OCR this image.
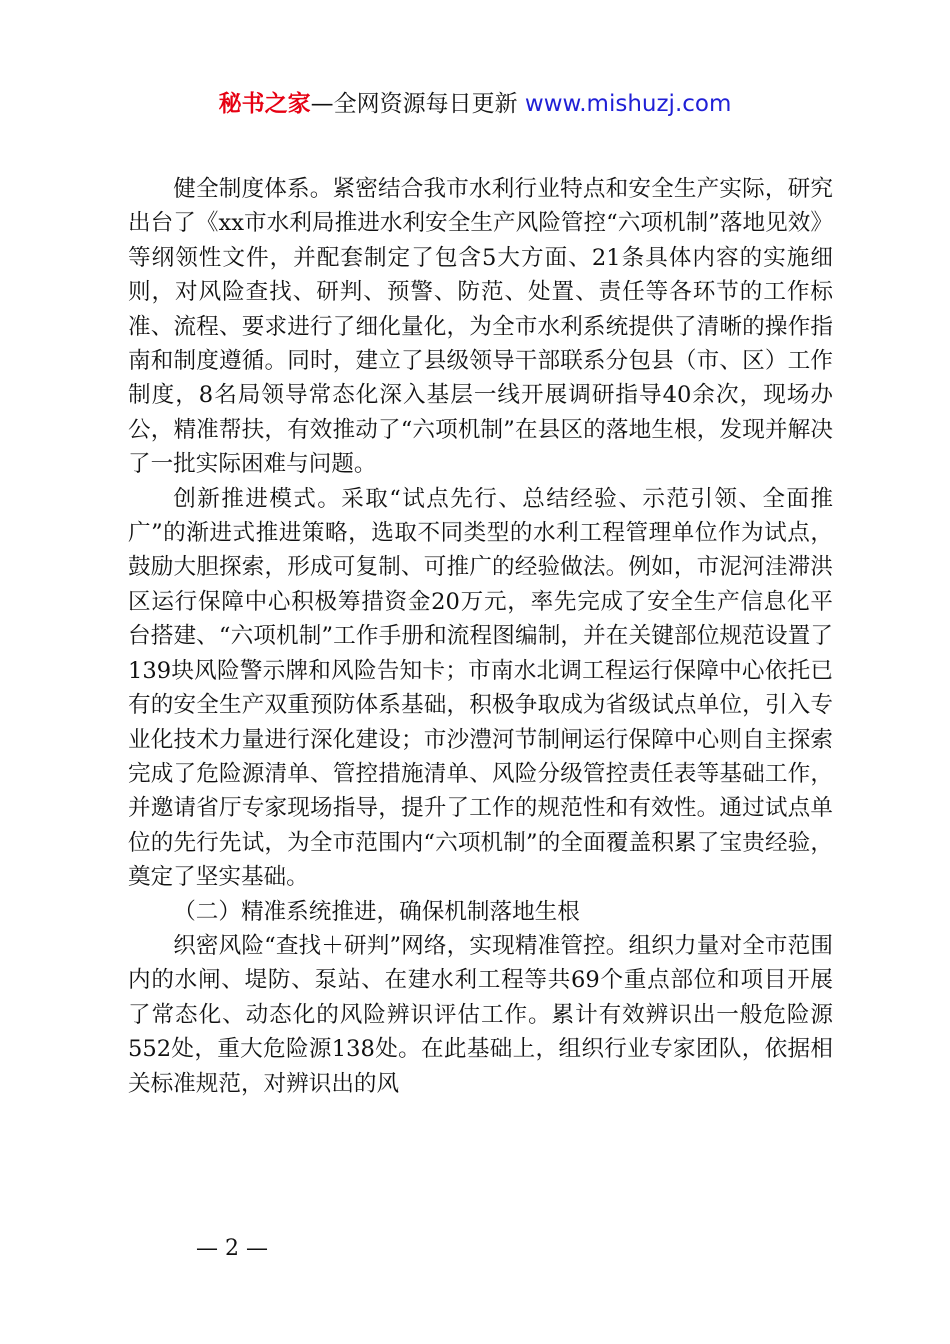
秘书之家—全网资源每日更新 www.mishuzj.com

健全制度体系。紧密结合我市水利行业特点和安全生产实际，研究出台了《xx市水利局推进水利安全生产风险管控“六项机制”落地见效》等纲领性文件，并配套制定了包含5大方面、21条具体内容的实施细则，对风险查找、研判、预警、防范、处置、责任等各环节的工作标准、流程、要求进行了细化量化，为全市水利系统提供了清晰的操作指南和制度遵循。同时，建立了县级领导干部联系分包县（市、区）工作制度，8名局领导常态化深入基层一线开展调研指导40余次，现场办公，精准帮扶，有效推动了“六项机制”在县区的落地生根，发现并解决了一批实际困难与问题。

创新推进模式。采取“试点先行、总结经验、示范引领、全面推广”的渐进式推进策略，选取不同类型的水利工程管理单位作为试点，鼓励大胆探索，形成可复制、可推广的经验做法。例如，市泥河洼滞洪区运行保障中心积极筹措资金20万元，率先完成了安全生产信息化平台搭建、“六项机制”工作手册和流程图编制，并在关键部位规范设置了139块风险警示牌和风险告知卡；市南水北调工程运行保障中心依托已有的安全生产双重预防体系基础，积极争取成为省级试点单位，引入专业化技术力量进行深化建设；市沙澧河节制闸运行保障中心则自主探索完成了危险源清单、管控措施清单、风险分级管控责任表等基础工作，并邀请省厅专家现场指导，提升了工作的规范性和有效性。通过试点单位的先行先试，为全市范围内“六项机制”的全面覆盖积累了宝贵经验，奠定了坚实基础。

（二）精准系统推进，确保机制落地生根

织密风险“查找＋研判”网络，实现精准管控。组织力量对全市范围内的水闸、堤防、泵站、在建水利工程等共69个重点部位和项目开展了常态化、动态化的风险辨识评估工作。累计有效辨识出一般危险源552处，重大危险源138处。在此基础上，组织行业专家团队，依据相关标准规范，对辨识出的风

— 2 —
